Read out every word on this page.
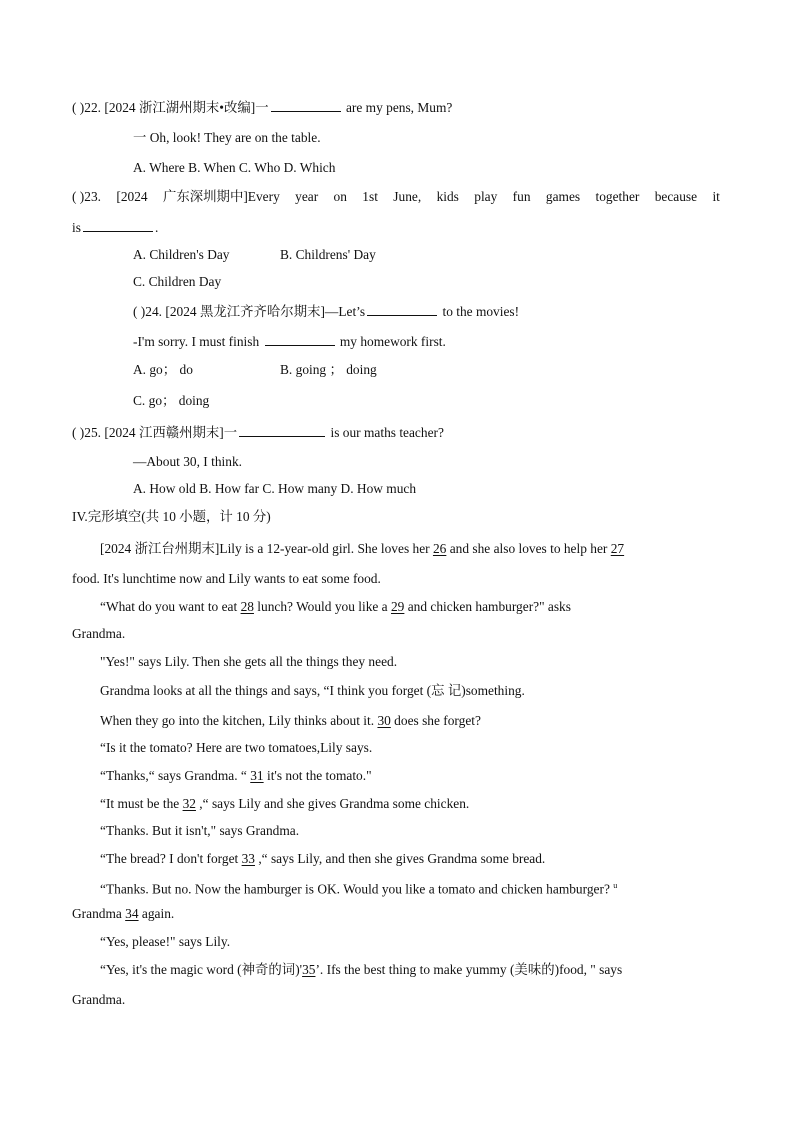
( )22. [2024 浙江湖州期末•改编]一	are my pens, Mum?
一 Oh, look! They are on the table.
A. Where B. When C. Who D. Which
( )23. [2024 广东深圳期中]Every year on 1st June, kids play fun games together because it
is	.
A. Children's Day	B. Childrens' Day
C. Children Day
( )24. [2024 黑龙江齐齐哈尔期末]—Let’s	to the movies!
-I'm sorry. I must finish	my homework first.
A. go； do	B. going ； doing
C. go； doing
( )25. [2024 江西赣州期末]一	is our maths teacher?
—About 30, I think.
A. How old B. How far C. How many D. How much
IV.完形填空(共 10 小题，计 10 分)
[2024 浙江台州期末]Lily is a 12-year-old girl. She loves her 26 and she also loves to help her 27
food. It's lunchtime now and Lily wants to eat some food.
“What do you want to eat 28 lunch? Would you like a 29 and chicken hamburger?" asks
Grandma.
"Yes!" says Lily. Then she gets all the things they need.
Grandma looks at all the things and says, “I think you forget (忘 记)something.
When they go into the kitchen, Lily thinks about it. 30 does she forget?
“Is it the tomato? Here are two tomatoes,Lily says.
“Thanks,“ says Grandma. “ 31 it's not the tomato."
“It must be the 32 ,“ says Lily and she gives Grandma some chicken.
“Thanks. But it isn't," says Grandma.
“The bread? I don't forget 33 ,“ says Lily, and then she gives Grandma some bread.
“Thanks. But no. Now the hamburger is OK. Would you like a tomato and chicken hamburger? $^u$
Grandma 34 again.
“Yes, please!" says Lily.
“Yes, it's the magic word (神奇的词)'35’. Ifs the best thing to make yummy (美味的)food, " says
Grandma.
